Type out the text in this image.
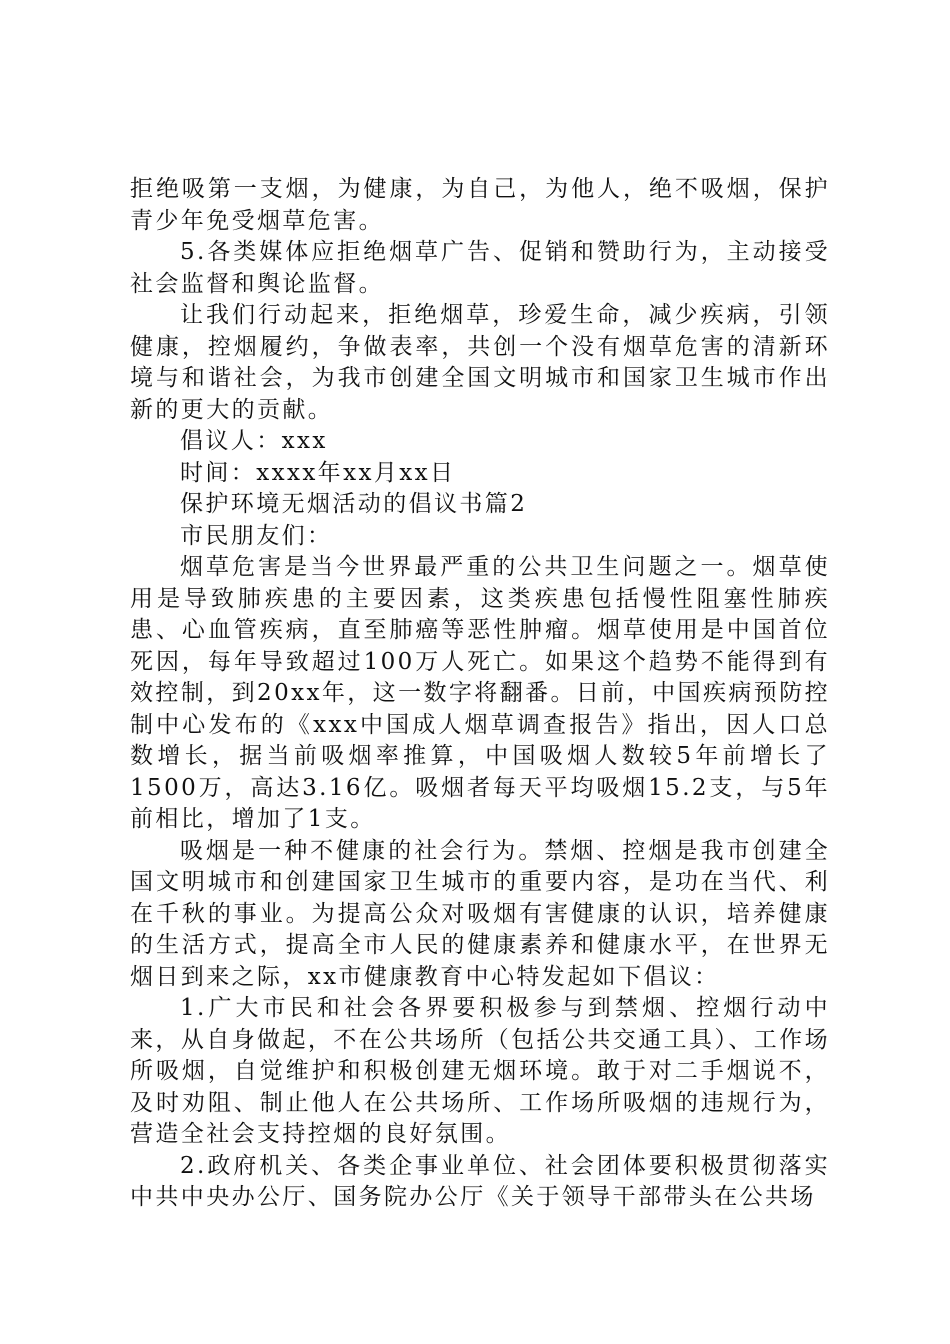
拒绝吸第一支烟，为健康，为自己，为他人，绝不吸烟，保护青少年免受烟草危害。

5.各类媒体应拒绝烟草广告、促销和赞助行为，主动接受社会监督和舆论监督。

让我们行动起来，拒绝烟草，珍爱生命，减少疾病，引领健康，控烟履约，争做表率，共创一个没有烟草危害的清新环境与和谐社会，为我市创建全国文明城市和国家卫生城市作出新的更大的贡献。

倡议人：xxx

时间：xxxx年xx月xx日

保护环境无烟活动的倡议书篇2

市民朋友们：

烟草危害是当今世界最严重的公共卫生问题之一。烟草使用是导致肺疾患的主要因素，这类疾患包括慢性阻塞性肺疾患、心血管疾病，直至肺癌等恶性肿瘤。烟草使用是中国首位死因，每年导致超过100万人死亡。如果这个趋势不能得到有效控制，到20xx年，这一数字将翻番。日前，中国疾病预防控制中心发布的《xxx中国成人烟草调查报告》指出，因人口总数增长，据当前吸烟率推算，中国吸烟人数较5年前增长了1500万，高达3.16亿。吸烟者每天平均吸烟15.2支，与5年前相比，增加了1支。

吸烟是一种不健康的社会行为。禁烟、控烟是我市创建全国文明城市和创建国家卫生城市的重要内容，是功在当代、利在千秋的事业。为提高公众对吸烟有害健康的认识，培养健康的生活方式，提高全市人民的健康素养和健康水平，在世界无烟日到来之际，xx市健康教育中心特发起如下倡议：

1.广大市民和社会各界要积极参与到禁烟、控烟行动中来，从自身做起，不在公共场所（包括公共交通工具）、工作场所吸烟，自觉维护和积极创建无烟环境。敢于对二手烟说不，及时劝阻、制止他人在公共场所、工作场所吸烟的违规行为，营造全社会支持控烟的良好氛围。

2.政府机关、各类企事业单位、社会团体要积极贯彻落实中共中央办公厅、国务院办公厅《关于领导干部带头在公共场
